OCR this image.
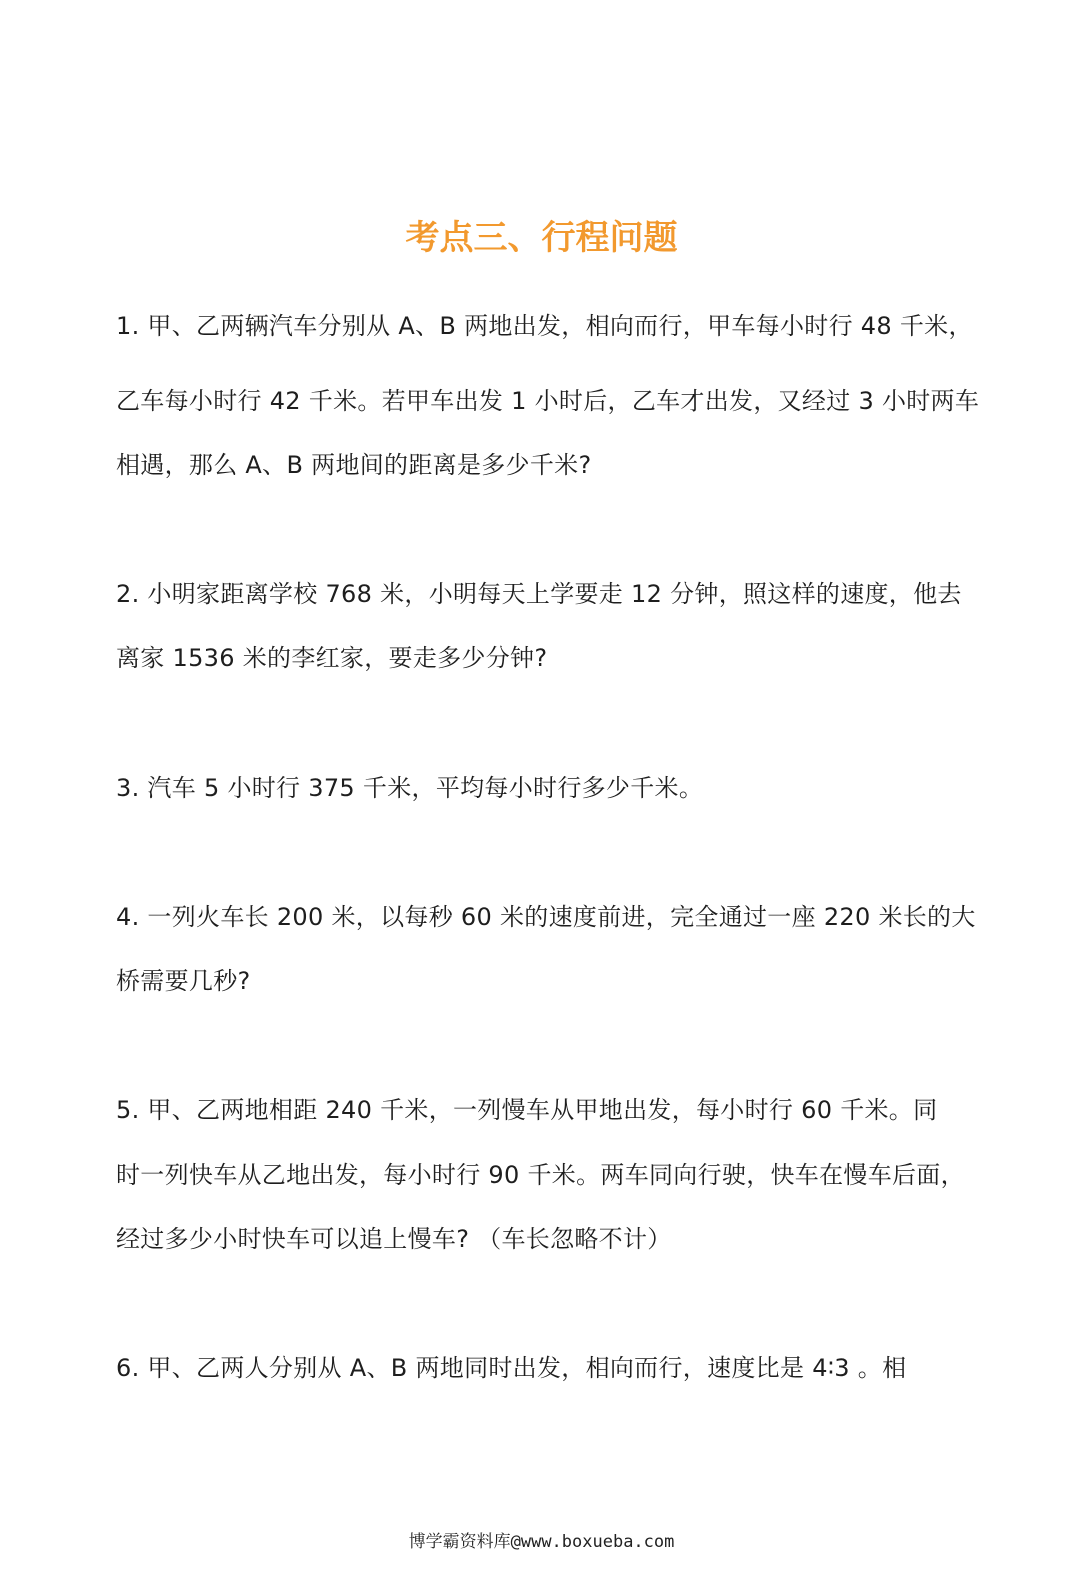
考点三、行程问题
1. 甲、乙两辆汽车分别从 A、B 两地出发，相向而行，甲车每小时行 48 千米，
乙车每小时行 42 千米。若甲车出发 1 小时后，乙车才出发，又经过 3 小时两车
相遇，那么 A、B 两地间的距离是多少千米?
2. 小明家距离学校 768 米，小明每天上学要走 12 分钟，照这样的速度，他去
离家 1536 米的李红家，要走多少分钟?
3. 汽车 5 小时行 375 千米，平均每小时行多少千米。
4. 一列火车长 200 米，以每秒 60 米的速度前进，完全通过一座 220 米长的大
桥需要几秒?
5. 甲、乙两地相距 240 千米，一列慢车从甲地出发，每小时行 60 千米。同
时一列快车从乙地出发，每小时行 90 千米。两车同向行驶，快车在慢车后面，
经过多少小时快车可以追上慢车? （车长忽略不计）
6. 甲、乙两人分别从 A、B 两地同时出发，相向而行，速度比是 4∶3 。相
博学霸资料库@www.boxueba.com
